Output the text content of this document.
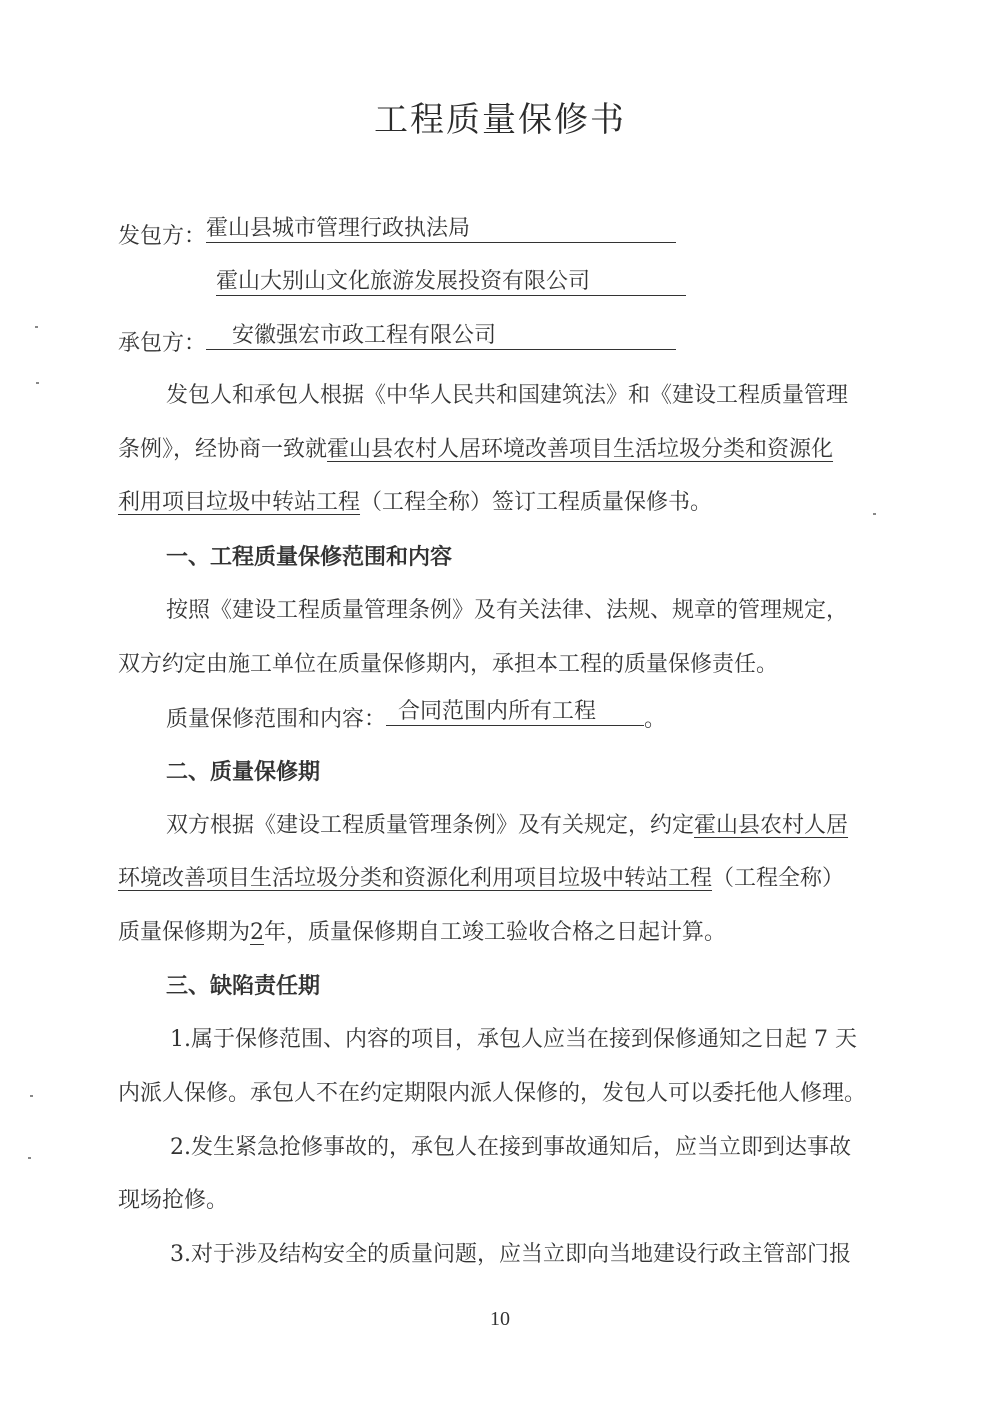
工程质量保修书
发包方： 霍山县城市管理行政执法局
霍山大别山文化旅游发展投资有限公司
承包方： 安徽强宏市政工程有限公司
发包人和承包人根据《中华人民共和国建筑法》和《建设工程质量管理
条例》，经协商一致就霍山县农村人居环境改善项目生活垃圾分类和资源化
利用项目垃圾中转站工程（工程全称）签订工程质量保修书。
一、工程质量保修范围和内容
按照《建设工程质量管理条例》及有关法律、法规、规章的管理规定，
双方约定由施工单位在质量保修期内，承担本工程的质量保修责任。
质量保修范围和内容： 合同范围内所有工程 。
二、质量保修期
双方根据《建设工程质量管理条例》及有关规定，约定霍山县农村人居
环境改善项目生活垃圾分类和资源化利用项目垃圾中转站工程（工程全称）
质量保修期为2年，质量保修期自工竣工验收合格之日起计算。
三、缺陷责任期
1.属于保修范围、内容的项目，承包人应当在接到保修通知之日起 7 天
内派人保修。承包人不在约定期限内派人保修的，发包人可以委托他人修理。
2.发生紧急抢修事故的，承包人在接到事故通知后，应当立即到达事故
现场抢修。
3.对于涉及结构安全的质量问题，应当立即向当地建设行政主管部门报
10
